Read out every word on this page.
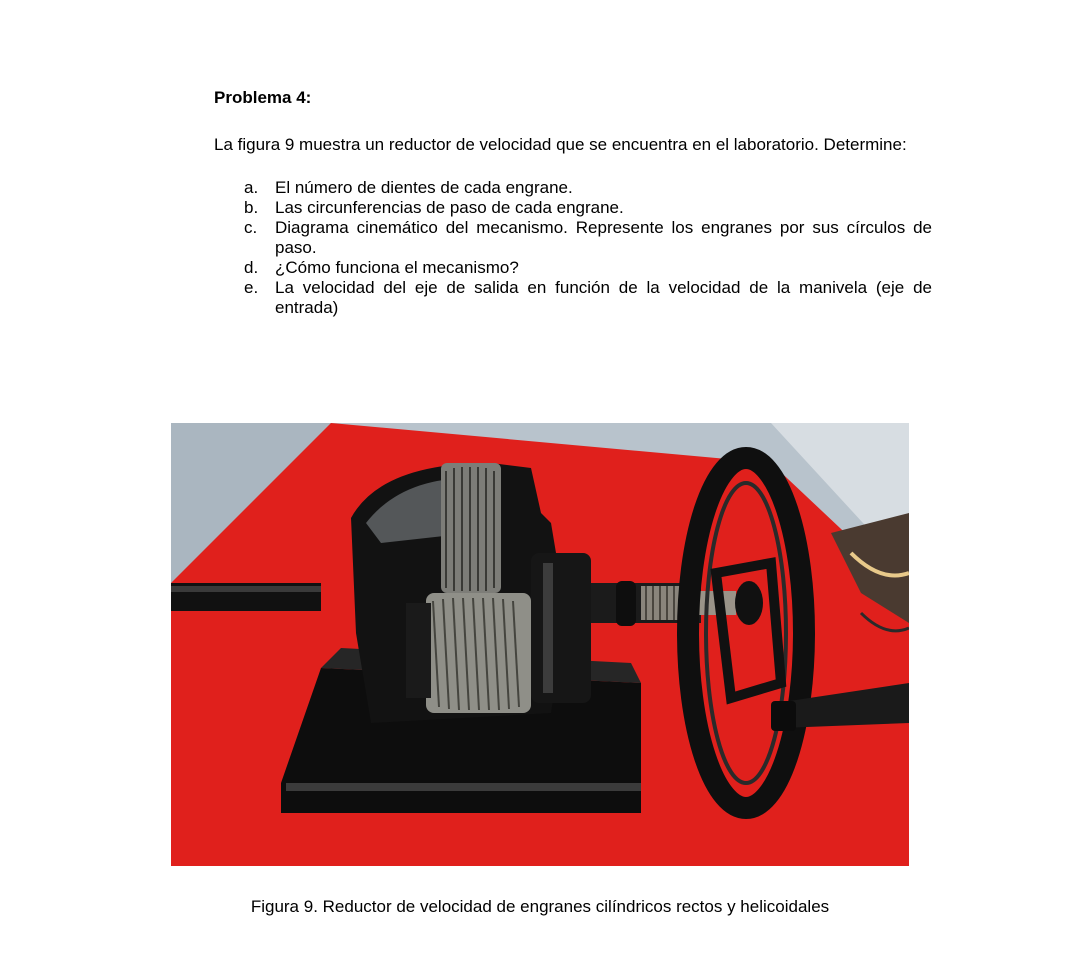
Problema 4:
La figura 9 muestra un reductor de velocidad que se encuentra en el laboratorio. Determine:
a. El número de dientes de cada engrane.
b. Las circunferencias de paso de cada engrane.
c. Diagrama cinemático del mecanismo. Represente los engranes por sus círculos de paso.
d. ¿Cómo funciona el mecanismo?
e. La velocidad del eje de salida en función de la velocidad de la manivela (eje de entrada)
Figura 9. Reductor de velocidad de engranes cilíndricos rectos y helicoidales
